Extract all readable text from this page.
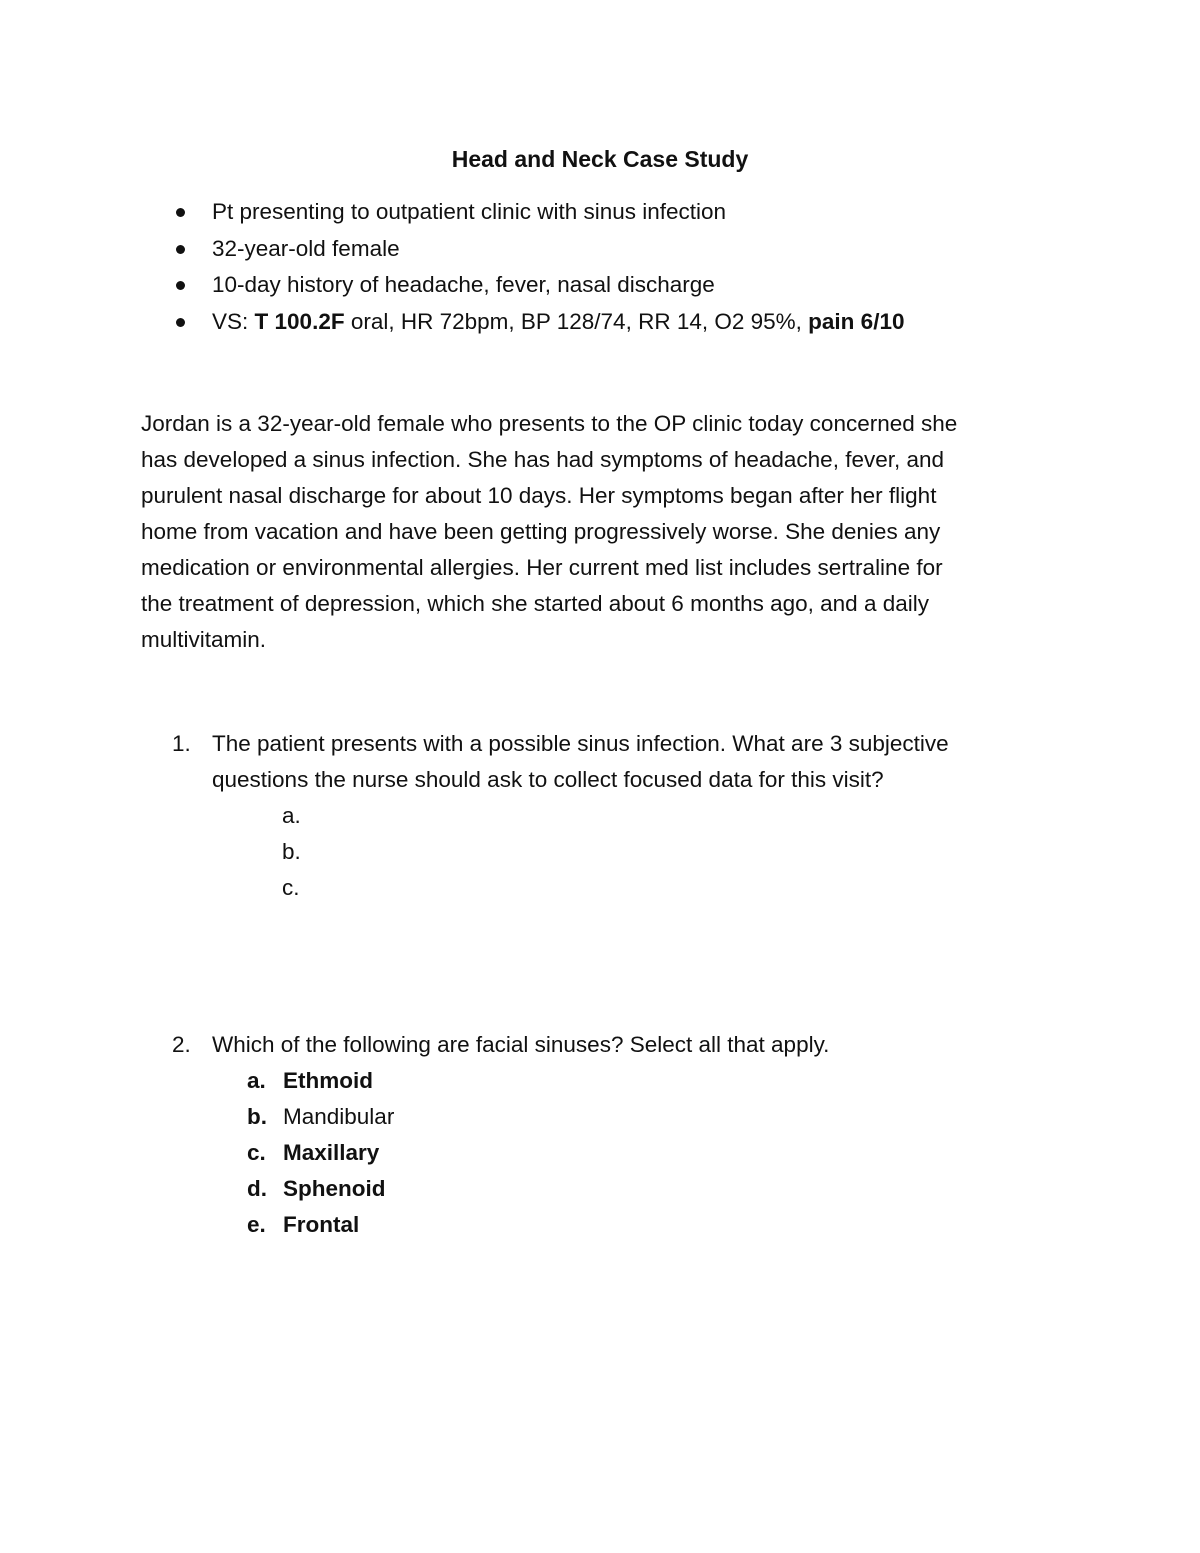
Head and Neck Case Study
Pt presenting to outpatient clinic with sinus infection
32-year-old female
10-day history of headache, fever, nasal discharge
VS: T 100.2F oral, HR 72bpm, BP 128/74, RR 14, O2 95%, pain 6/10

Jordan is a 32-year-old female who presents to the OP clinic today concerned she
has developed a sinus infection. She has had symptoms of headache, fever, and
purulent nasal discharge for about 10 days. Her symptoms began after her flight
home from vacation and have been getting progressively worse. She denies any
medication or environmental allergies. Her current med list includes sertraline for
the treatment of depression, which she started about 6 months ago, and a daily
multivitamin.

1. The patient presents with a possible sinus infection. What are 3 subjective
questions the nurse should ask to collect focused data for this visit?
a.
b.
c.
2. Which of the following are facial sinuses? Select all that apply.
a. Ethmoid
b. Mandibular
c. Maxillary
d. Sphenoid
e. Frontal
